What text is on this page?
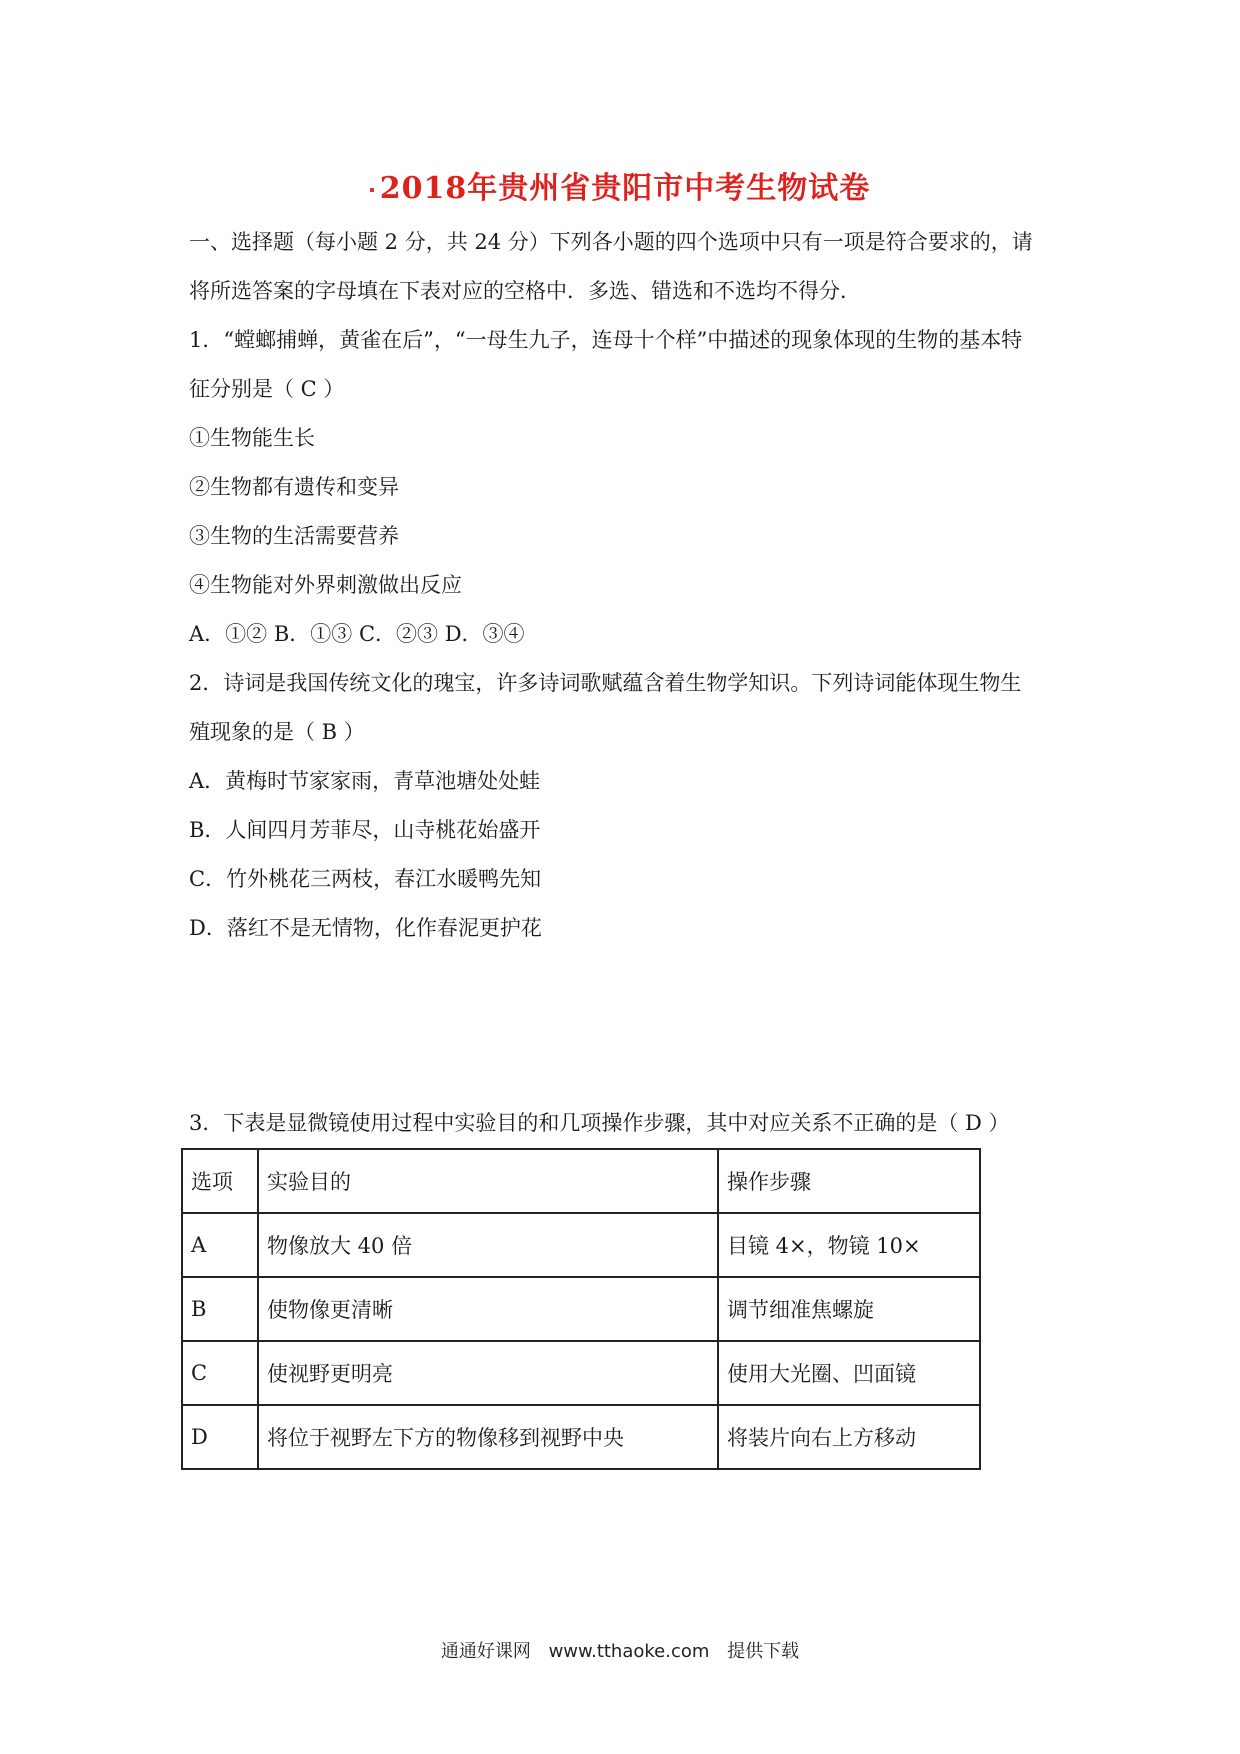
2018年贵州省贵阳市中考生物试卷
一、选择题（每小题 2 分，共 24 分）下列各小题的四个选项中只有一项是符合要求的，请
将所选答案的字母填在下表对应的空格中．多选、错选和不选均不得分．
1．“螳螂捕蝉，黄雀在后”，“一母生九子，连母十个样”中描述的现象体现的生物的基本特
征分别是（ C ）
①生物能生长
②生物都有遗传和变异
③生物的生活需要营养
④生物能对外界刺激做出反应
A．①② B．①③ C．②③ D．③④
2．诗词是我国传统文化的瑰宝，许多诗词歌赋蕴含着生物学知识。下列诗词能体现生物生
殖现象的是（ B ）
A．黄梅时节家家雨，青草池塘处处蛙
B．人间四月芳菲尽，山寺桃花始盛开
C．竹外桃花三两枝，春江水暖鸭先知
D．落红不是无情物，化作春泥更护花
3．下表是显微镜使用过程中实验目的和几项操作步骤，其中对应关系不正确的是（ D ）
选项	实验目的	操作步骤
A	物像放大 40 倍	目镜 4×，物镜 10×
B	使物像更清晰	调节细准焦螺旋
C	使视野更明亮	使用大光圈、凹面镜
D	将位于视野左下方的物像移到视野中央	将装片向右上方移动
通通好课网 www.tthaoke.com 提供下载
